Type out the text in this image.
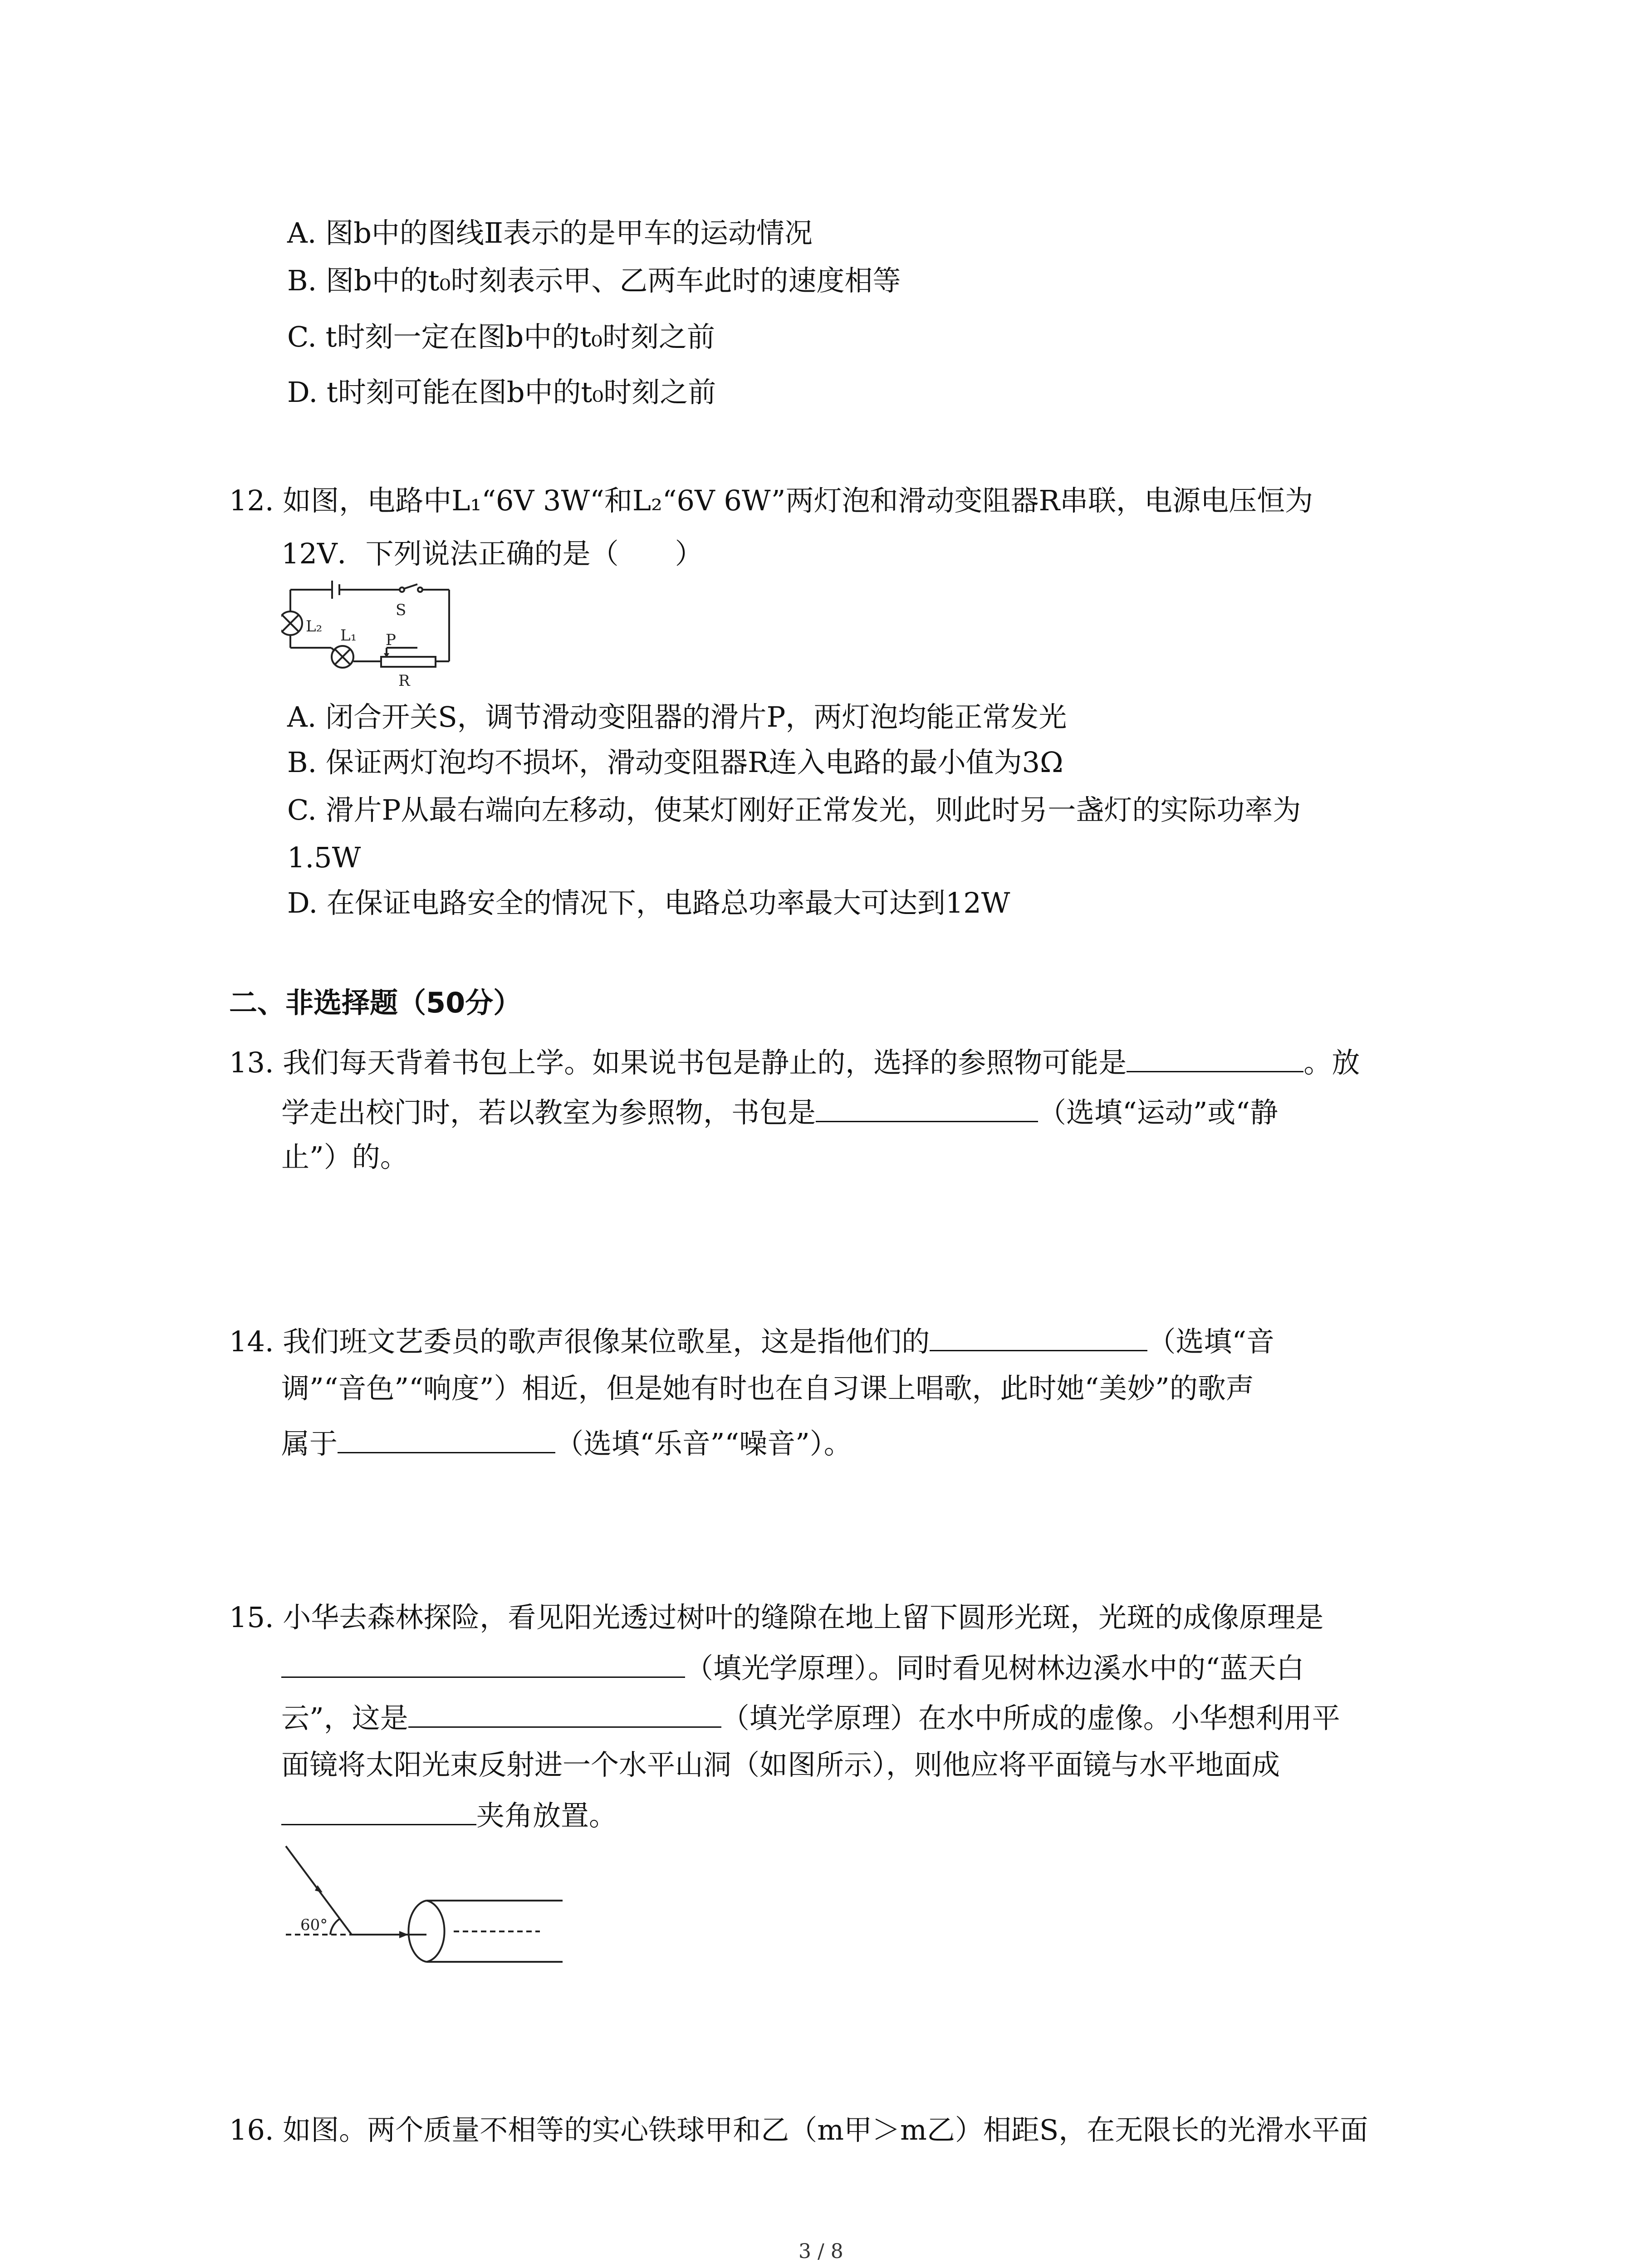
A. 图b中的图线Ⅱ表示的是甲车的运动情况
B. 图b中的t₀时刻表示甲、乙两车此时的速度相等
C. t时刻一定在图b中的t₀时刻之前
D. t时刻可能在图b中的t₀时刻之前
12. 如图，电路中L₁“6V 3W“和L₂“6V 6W”两灯泡和滑动变阻器R串联，电源电压恒为
12V．下列说法正确的是（　　）
S
L₂ L₁ P
R
A. 闭合开关S，调节滑动变阻器的滑片P，两灯泡均能正常发光
B. 保证两灯泡均不损坏，滑动变阻器R连入电路的最小值为3Ω
C. 滑片P从最右端向左移动，使某灯刚好正常发光，则此时另一盏灯的实际功率为
1.5W
D. 在保证电路安全的情况下，电路总功率最大可达到12W
二、非选择题（50分）
13. 我们每天背着书包上学。如果说书包是静止的，选择的参照物可能是	。放
学走出校门时，若以教室为参照物，书包是	（选填“运动”或“静
止”）的。
14. 我们班文艺委员的歌声很像某位歌星，这是指他们的	（选填“音
调”“音色”“响度”）相近，但是她有时也在自习课上唱歌，此时她“美妙”的歌声
属于	（选填“乐音”“噪音”）。
15. 小华去森林探险，看见阳光透过树叶的缝隙在地上留下圆形光斑，光斑的成像原理是
（填光学原理）。同时看见树林边溪水中的“蓝天白
云”，这是	（填光学原理）在水中所成的虚像。小华想利用平
面镜将太阳光束反射进一个水平山洞（如图所示），则他应将平面镜与水平地面成
夹角放置。
60°
16. 如图。两个质量不相等的实心铁球甲和乙（m甲＞m乙）相距S，在无限长的光滑水平面
3 / 8
